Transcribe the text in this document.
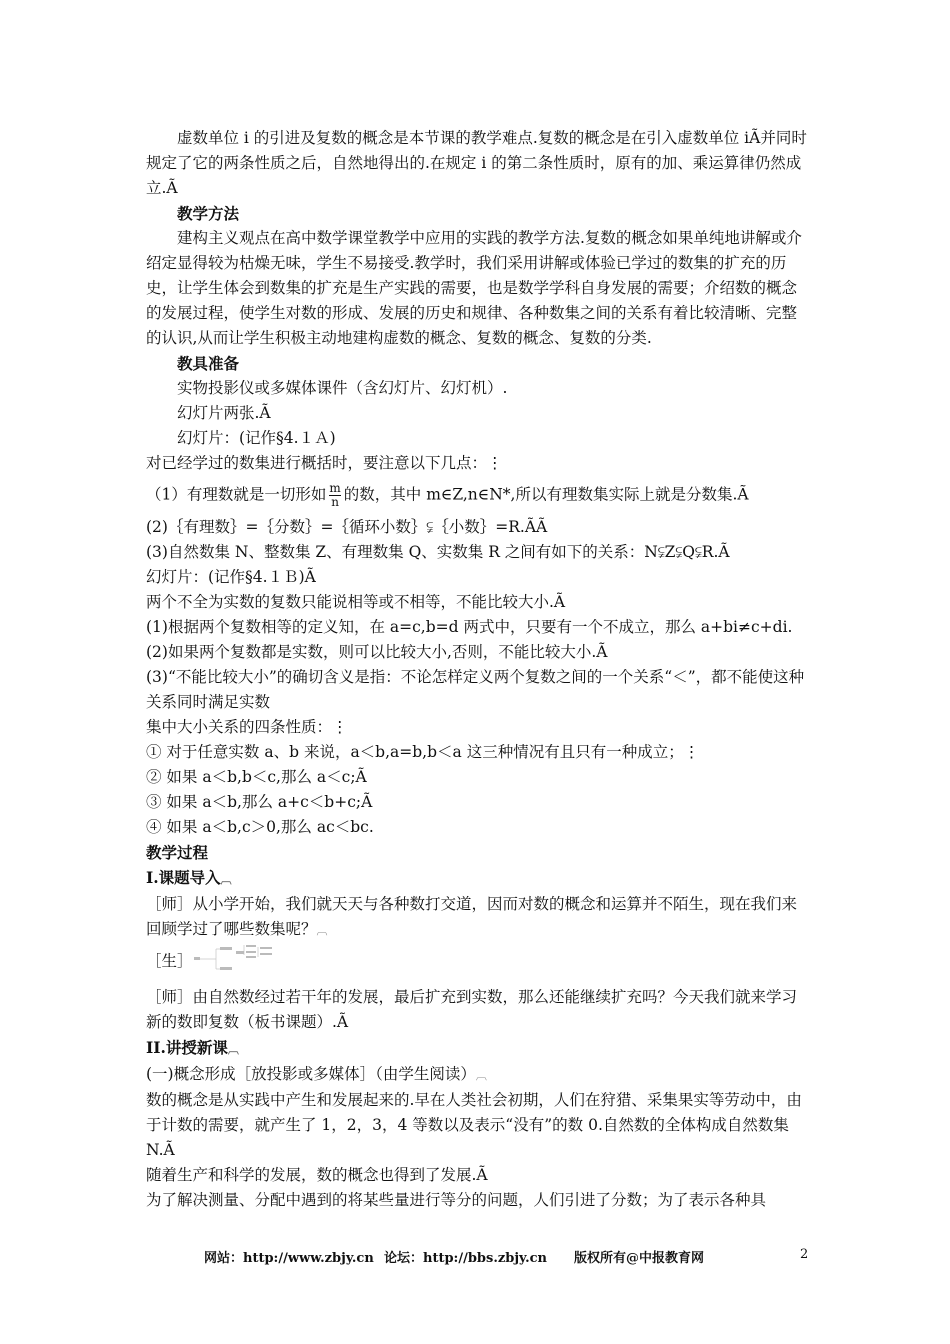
虚数单位 i 的引进及复数的概念是本节课的教学难点.复数的概念是在引入虚数单位 iÃ并同时规定了它的两条性质之后，自然地得出的.在规定 i 的第二条性质时，原有的加、乘运算律仍然成立.Ã

教学方法

建构主义观点在高中数学课堂教学中应用的实践的教学方法.复数的概念如果单纯地讲解或介绍定显得较为枯燥无味，学生不易接受.教学时，我们采用讲解或体验已学过的数集的扩充的历史，让学生体会到数集的扩充是生产实践的需要，也是数学学科自身发展的需要；介绍数的概念的发展过程，使学生对数的形成、发展的历史和规律、各种数集之间的关系有着比较清晰、完整的认识,从而让学生积极主动地建构虚数的概念、复数的概念、复数的分类.

教具准备

实物投影仪或多媒体课件（含幻灯片、幻灯机）.

幻灯片两张.Ã

幻灯片：(记作§4.１Ａ)

对已经学过的数集进行概括时，要注意以下几点：⋮

（1）有理数就是一切形如 $\frac{m}{n}$ 的数，其中 m∈Z,n∈N*,所以有理数集实际上就是分数集.Ã

(2)｛有理数｝=｛分数｝=｛循环小数｝⫋｛小数｝=R.ÃÃ

(3)自然数集 N、整数集 Z、有理数集 Q、实数集 R 之间有如下的关系：N⫋Z⫋Q⫋R.Ã

幻灯片：(记作§4.１Ｂ)Ã

两个不全为实数的复数只能说相等或不相等，不能比较大小.Ã

(1)根据两个复数相等的定义知，在 a=c,b=d 两式中，只要有一个不成立，那么 a+bi≠c+di.

(2)如果两个复数都是实数，则可以比较大小,否则，不能比较大小.Ã

(3)“不能比较大小”的确切含义是指：不论怎样定义两个复数之间的一个关系“＜”，都不能使这种关系同时满足实数

集中大小关系的四条性质：⋮

① 对于任意实数 a、b 来说，a＜b,a=b,b＜a 这三种情况有且只有一种成立；⋮

② 如果 a＜b,b＜c,那么 a＜c;Ã

③ 如果 a＜b,那么 a+c＜b+c;Ã

④ 如果 a＜b,c＞0,那么 ac＜bc.

教学过程

I.课题导入︹

［师］从小学开始，我们就天天与各种数打交道，因而对数的概念和运算并不陌生，现在我们来回顾学过了哪些数集呢？︹

［生］

［师］由自然数经过若干年的发展，最后扩充到实数，那么还能继续扩充吗？今天我们就来学习新的数即复数（板书课题）.Ã

II.讲授新课︹

(一)概念形成［放投影或多媒体］（由学生阅读）︹

数的概念是从实践中产生和发展起来的.早在人类社会初期，人们在狩猎、采集果实等劳动中，由于计数的需要，就产生了 1，2，3，4 等数以及表示“没有”的数 0.自然数的全体构成自然数集 N.Ã

随着生产和科学的发展，数的概念也得到了发展.Ã

为了解决测量、分配中遇到的将某些量进行等分的问题，人们引进了分数；为了表示各种具

网站：http://www.zbjy.cn 论坛：http://bbs.zbjy.cn 版权所有@中报教育网	2
